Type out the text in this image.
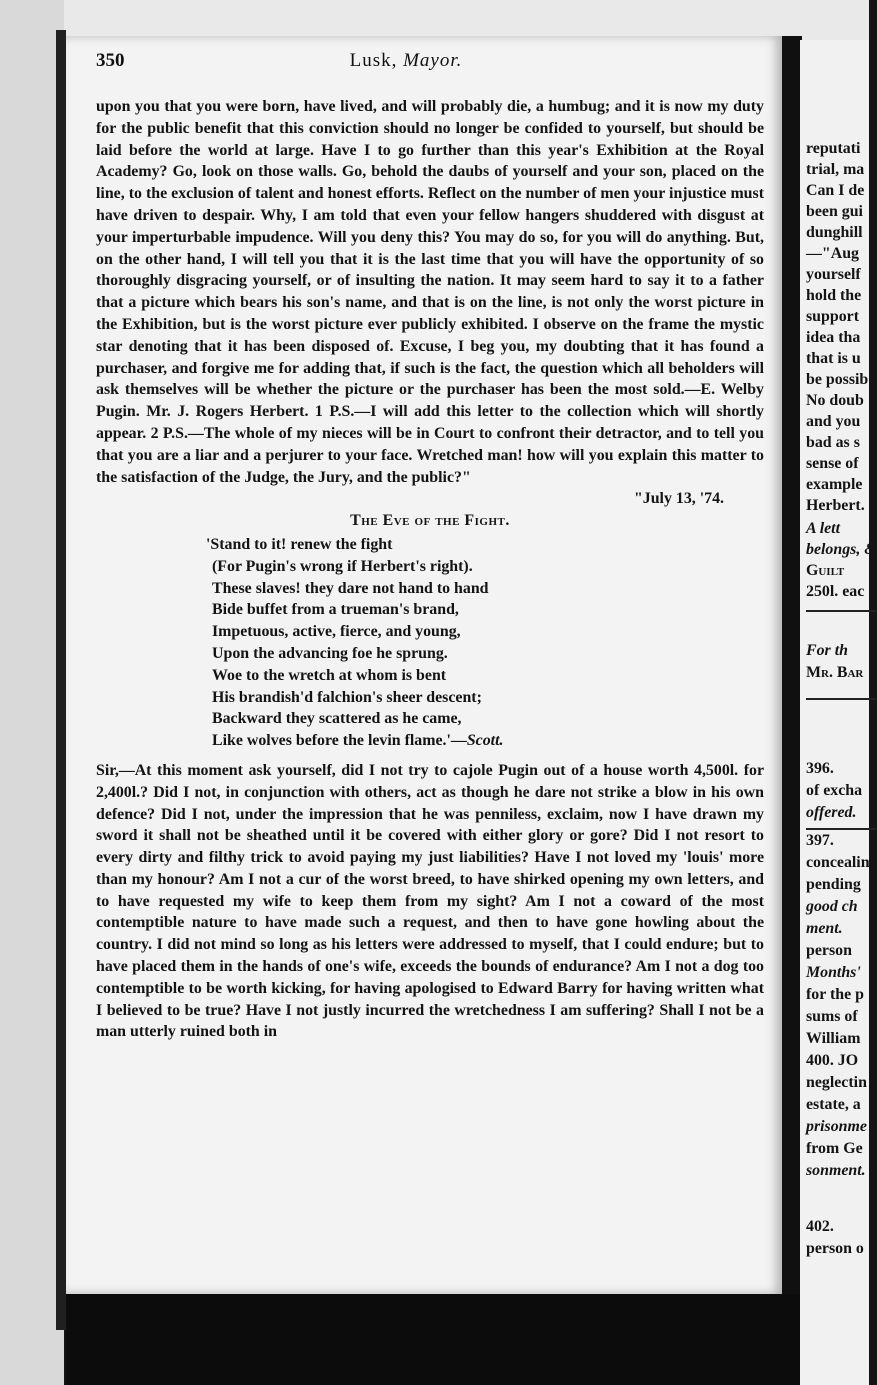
350	Lusk, Mayor.

upon you that you were born, have lived, and will probably die, a humbug; and it is now my duty for the public benefit that this conviction should no longer be confided to yourself, but should be laid before the world at large. Have I to go further than this year's Exhibition at the Royal Academy? Go, look on those walls. Go, behold the daubs of yourself and your son, placed on the line, to the exclusion of talent and honest efforts. Reflect on the number of men your injustice must have driven to despair. Why, I am told that even your fellow hangers shuddered with disgust at your imperturbable impudence. Will you deny this? You may do so, for you will do anything. But, on the other hand, I will tell you that it is the last time that you will have the opportunity of so thoroughly disgracing yourself, or of insulting the nation. It may seem hard to say it to a father that a picture which bears his son's name, and that is on the line, is not only the worst picture in the Exhibition, but is the worst picture ever publicly exhibited. I observe on the frame the mystic star denoting that it has been disposed of. Excuse, I beg you, my doubting that it has found a purchaser, and forgive me for adding that, if such is the fact, the question which all beholders will ask themselves will be whether the picture or the purchaser has been the most sold.—E. Welby Pugin. Mr. J. Rogers Herbert. 1 P.S.—I will add this letter to the collection which will shortly appear. 2 P.S.—The whole of my nieces will be in Court to confront their detractor, and to tell you that you are a liar and a perjurer to your face. Wretched man! how will you explain this matter to the satisfaction of the Judge, the Jury, and the public?"

"July 13, '74.

The Eve of the Fight.

'Stand to it! renew the fight
(For Pugin's wrong if Herbert's right).
These slaves! they dare not hand to hand
Bide buffet from a trueman's brand,
Impetuous, active, fierce, and young,
Upon the advancing foe he sprung.
Woe to the wretch at whom is bent
His brandish'd falchion's sheer descent;
Backward they scattered as he came,
Like wolves before the levin flame.'—Scott.

Sir,—At this moment ask yourself, did I not try to cajole Pugin out of a house worth 4,500l. for 2,400l.? Did I not, in conjunction with others, act as though he dare not strike a blow in his own defence? Did I not, under the impression that he was penniless, exclaim, now I have drawn my sword it shall not be sheathed until it be covered with either glory or gore? Did I not resort to every dirty and filthy trick to avoid paying my just liabilities? Have I not loved my 'louis' more than my honour? Am I not a cur of the worst breed, to have shirked opening my own letters, and to have requested my wife to keep them from my sight? Am I not a coward of the most contemptible nature to have made such a request, and then to have gone howling about the country. I did not mind so long as his letters were addressed to myself, that I could endure; but to have placed them in the hands of one's wife, exceeds the bounds of endurance? Am I not a dog too contemptible to be worth kicking, for having apologised to Edward Barry for having written what I believed to be true? Have I not justly incurred the wretchedness I am suffering? Shall I not be a man utterly ruined both in

reputati
trial, ma
Can I de
been gui
dunghill
—"Aug
yourself
hold the
support
idea tha
that is u
be possib
No doub
and you
bad as s
sense of
example
Herbert.
A lett
belongs, &
Guilt
250l. eac
For th
Mr. Bar
396.
of excha
offered.
397.
concealin
pending
good ch
ment.
person
Months'
for the p
sums of
William
400. JO
neglectin
estate, a
prisonme
from Ge
sonment.
402.
person o
